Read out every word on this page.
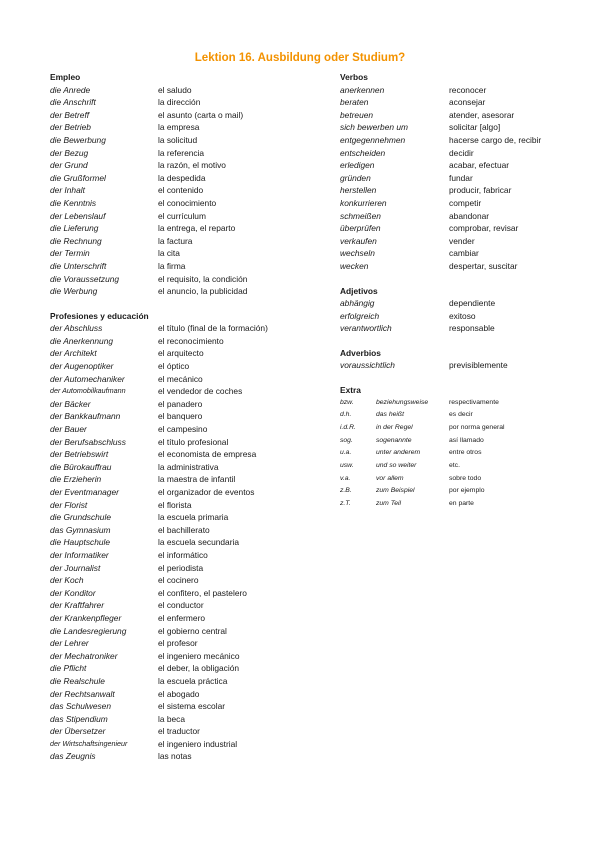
Lektion 16. Ausbildung oder Studium?
Empleo
die Anrede	el saludo
die Anschrift	la dirección
der Betreff	el asunto (carta o mail)
der Betrieb	la empresa
die Bewerbung	la solicitud
der Bezug	la referencia
der Grund	la razón, el motivo
die Grußformel	la despedida
der Inhalt	el contenido
die Kenntnis	el conocimiento
der Lebenslauf	el currículum
die Lieferung	la entrega, el reparto
die Rechnung	la factura
der Termin	la cita
die Unterschrift	la firma
die Voraussetzung	el requisito, la condición
die Werbung	el anuncio, la publicidad
Profesiones y educación
der Abschluss	el título (final de la formación)
die Anerkennung	el reconocimiento
der Architekt	el arquitecto
der Augenoptiker	el óptico
der Automechaniker	el mecánico
der Automobilkaufmann	el vendedor de coches
der Bäcker	el panadero
der Bankkaufmann	el banquero
der Bauer	el campesino
der Berufsabschluss	el título profesional
der Betriebswirt	el economista de empresa
die Bürokauffrau	la administrativa
die Erzieherin	la maestra de infantil
der Eventmanager	el organizador de eventos
der Florist	el florista
die Grundschule	la escuela primaria
das Gymnasium	el bachillerato
die Hauptschule	la escuela secundaria
der Informatiker	el informático
der Journalist	el periodista
der Koch	el cocinero
der Konditor	el confitero, el pastelero
der Kraftfahrer	el conductor
der Krankenpfleger	el enfermero
die Landesregierung	el gobierno central
der Lehrer	el profesor
der Mechatroniker	el ingeniero mecánico
die Pflicht	el deber, la obligación
die Realschule	la escuela práctica
der Rechtsanwalt	el abogado
das Schulwesen	el sistema escolar
das Stipendium	la beca
der Übersetzer	el traductor
der Wirtschaftsingenieur	el ingeniero industrial
das Zeugnis	las notas
Verbos
anerkennen	reconocer
beraten	aconsejar
betreuen	atender, asesorar
sich bewerben um	solicitar [algo]
entgegennehmen	hacerse cargo de, recibir
entscheiden	decidir
erledigen	acabar, efectuar
gründen	fundar
herstellen	producir, fabricar
konkurrieren	competir
schmeißen	abandonar
überprüfen	comprobar, revisar
verkaufen	vender
wechseln	cambiar
wecken	despertar, suscitar
Adjetivos
abhängig	dependiente
erfolgreich	exitoso
verantwortlich	responsable
Adverbios
voraussichtlich	previsiblemente
Extra
bzw.	beziehungsweise	respectivamente
d.h.	das heißt	es decir
i.d.R.	in der Regel	por norma general
sog.	sogenannte	así llamado
u.a.	unter anderem	entre otros
usw.	und so weiter	etc.
v.a.	vor allem	sobre todo
z.B.	zum Beispiel	por ejemplo
z.T.	zum Teil	en parte
